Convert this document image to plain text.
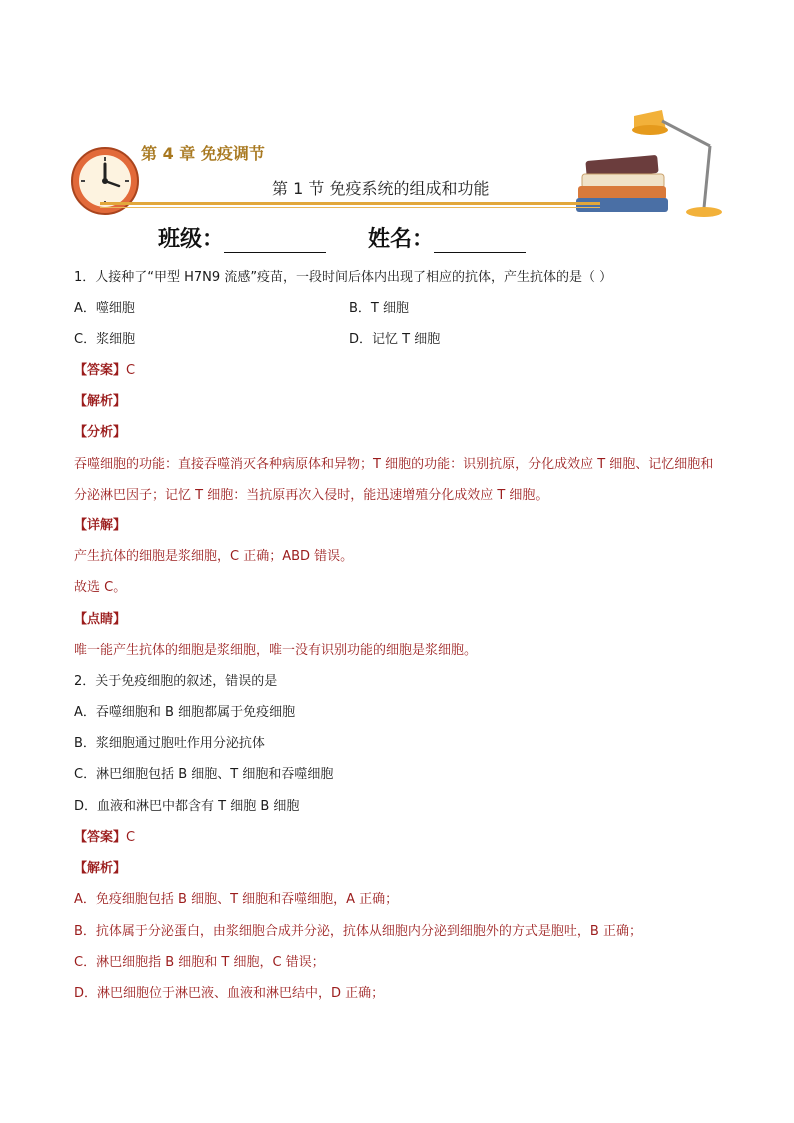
第 4 章 免疫调节
第 1 节 免疫系统的组成和功能
班级：	姓名：
1．人接种了“甲型 H7N9 流感”疫苗，一段时间后体内出现了相应的抗体，产生抗体的是（ ）
A．噬细胞	B．T 细胞
C．浆细胞	D．记忆 T 细胞
【答案】C
【解析】
【分析】
吞噬细胞的功能：直接吞噬消灭各种病原体和异物；T 细胞的功能：识别抗原，分化成效应 T 细胞、记忆细胞和分泌淋巴因子；记忆 T 细胞：当抗原再次入侵时，能迅速增殖分化成效应 T 细胞。
【详解】
产生抗体的细胞是浆细胞，C 正确；ABD 错误。
故选 C。
【点睛】
唯一能产生抗体的细胞是浆细胞，唯一没有识别功能的细胞是浆细胞。
2．关于免疫细胞的叙述，错误的是
A．吞噬细胞和 B 细胞都属于免疫细胞
B．浆细胞通过胞吐作用分泌抗体
C．淋巴细胞包括 B 细胞、T 细胞和吞噬细胞
D．血液和淋巴中都含有 T 细胞 B 细胞
【答案】C
【解析】
A．免疫细胞包括 B 细胞、T 细胞和吞噬细胞，A 正确；
B．抗体属于分泌蛋白，由浆细胞合成并分泌，抗体从细胞内分泌到细胞外的方式是胞吐，B 正确；
C．淋巴细胞指 B 细胞和 T 细胞，C 错误；
D．淋巴细胞位于淋巴液、血液和淋巴结中，D 正确；
